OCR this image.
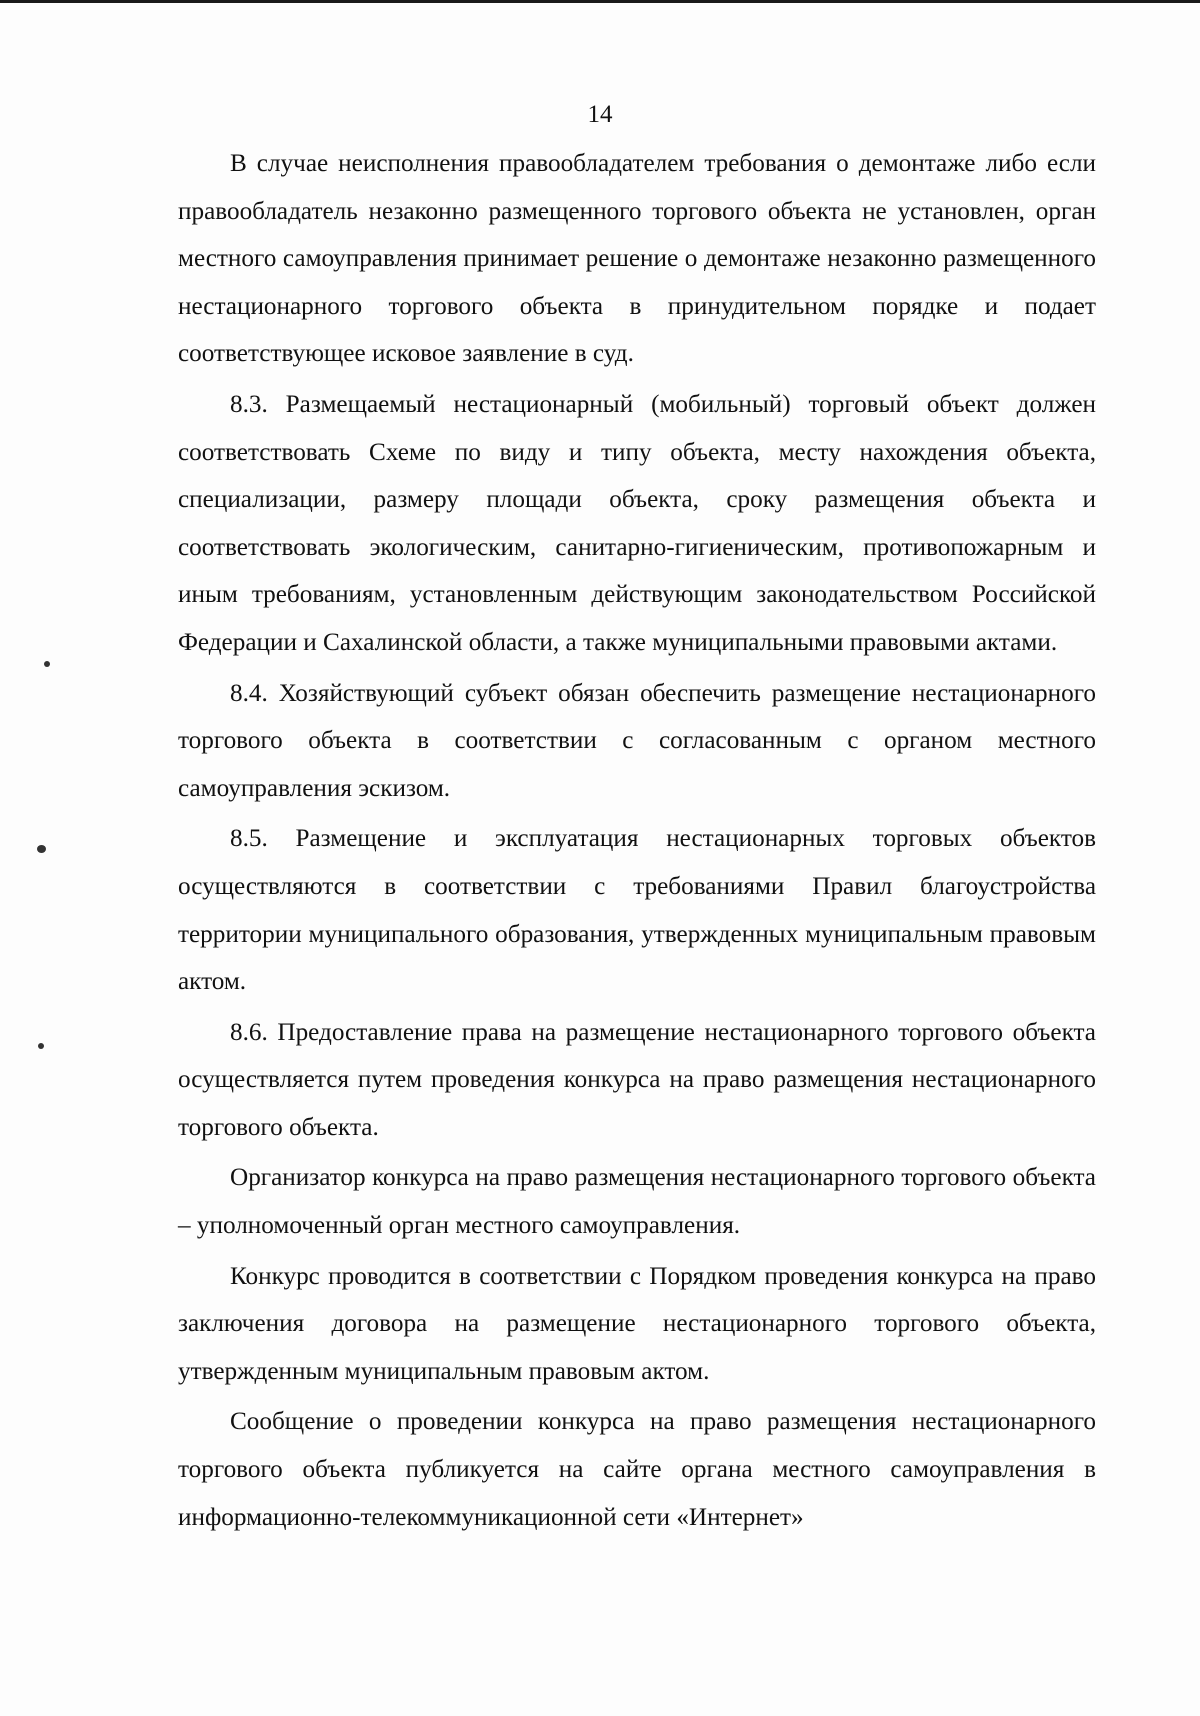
14

В случае неисполнения правообладателем требования о демонтаже либо если правообладатель незаконно размещенного торгового объекта не установлен, орган местного самоуправления принимает решение о демонтаже незаконно размещенного нестационарного торгового объекта в принудительном порядке и подает соответствующее исковое заявление в суд.

8.3. Размещаемый нестационарный (мобильный) торговый объект должен соответствовать Схеме по виду и типу объекта, месту нахождения объекта, специализации, размеру площади объекта, сроку размещения объекта и соответствовать экологическим, санитарно-гигиеническим, противопожарным и иным требованиям, установленным действующим законодательством Российской Федерации и Сахалинской области, а также муниципальными правовыми актами.

8.4. Хозяйствующий субъект обязан обеспечить размещение нестационарного торгового объекта в соответствии с согласованным с органом местного самоуправления эскизом.

8.5. Размещение и эксплуатация нестационарных торговых объектов осуществляются в соответствии с требованиями Правил благоустройства территории муниципального образования, утвержденных муниципальным правовым актом.

8.6. Предоставление права на размещение нестационарного торгового объекта осуществляется путем проведения конкурса на право размещения нестационарного торгового объекта.

Организатор конкурса на право размещения нестационарного торгового объекта – уполномоченный орган местного самоуправления.

Конкурс проводится в соответствии с Порядком проведения конкурса на право заключения договора на размещение нестационарного торгового объекта, утвержденным муниципальным правовым актом.

Сообщение о проведении конкурса на право размещения нестационарного торгового объекта публикуется на сайте органа местного самоуправления в информационно-телекоммуникационной сети «Интернет»
